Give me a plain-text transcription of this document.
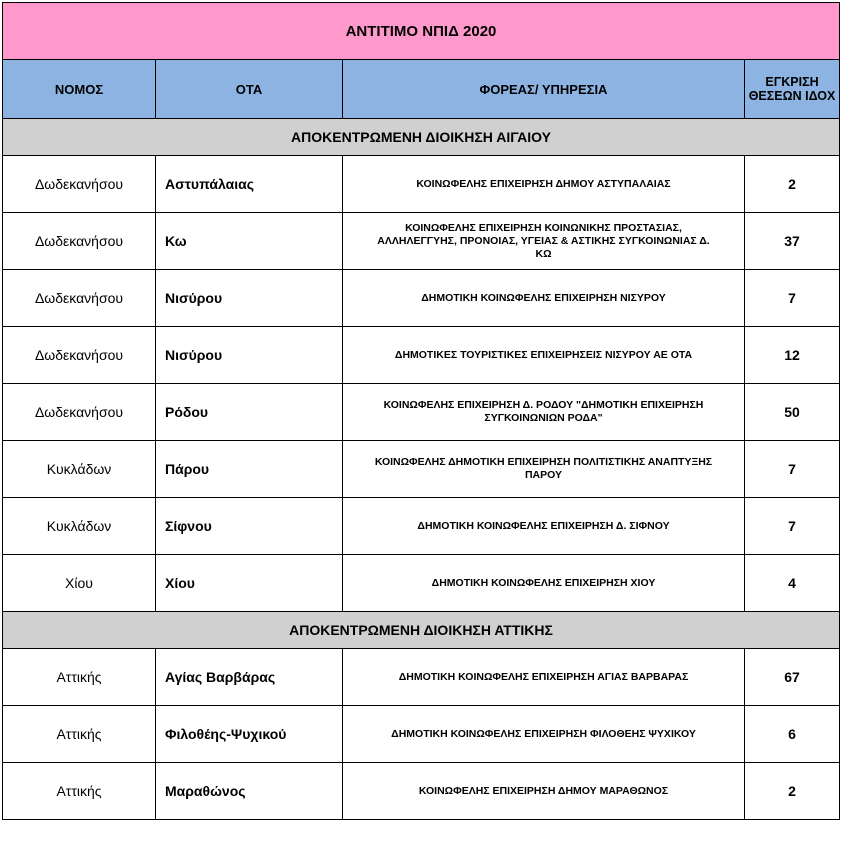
ΑΝΤΙΤΙΜΟ ΝΠΙΔ 2020			
ΝΟΜΟΣ	ΟΤΑ	ΦΟΡΕΑΣ/ ΥΠΗΡΕΣΙΑ	ΕΓΚΡΙΣΗ ΘΕΣΕΩΝ ΙΔΟΧ
ΑΠΟΚΕΝΤΡΩΜΕΝΗ ΔΙΟΙΚΗΣΗ ΑΙΓΑΙΟΥ			
Δωδεκανήσου	Αστυπάλαιας	ΚΟΙΝΩΦΕΛΗΣ ΕΠΙΧΕΙΡΗΣΗ ΔΗΜΟΥ ΑΣΤΥΠΑΛΑΙΑΣ	2
Δωδεκανήσου	Κω	ΚΟΙΝΩΦΕΛΗΣ ΕΠΙΧΕΙΡΗΣΗ ΚΟΙΝΩΝΙΚΗΣ ΠΡΟΣΤΑΣΙΑΣ, ΑΛΛΗΛΕΓΓΥΗΣ, ΠΡΟΝΟΙΑΣ, ΥΓΕΙΑΣ & ΑΣΤΙΚΗΣ ΣΥΓΚΟΙΝΩΝΙΑΣ Δ. ΚΩ	37
Δωδεκανήσου	Νισύρου	ΔΗΜΟΤΙΚΗ ΚΟΙΝΩΦΕΛΗΣ ΕΠΙΧΕΙΡΗΣΗ ΝΙΣΥΡΟΥ	7
Δωδεκανήσου	Νισύρου	ΔΗΜΟΤΙΚΕΣ ΤΟΥΡΙΣΤΙΚΕΣ ΕΠΙΧΕΙΡΗΣΕΙΣ ΝΙΣΥΡΟΥ ΑΕ ΟΤΑ	12
Δωδεκανήσου	Ρόδου	ΚΟΙΝΩΦΕΛΗΣ ΕΠΙΧΕΙΡΗΣΗ Δ. ΡΟΔΟΥ "ΔΗΜΟΤΙΚΗ ΕΠΙΧΕΙΡΗΣΗ ΣΥΓΚΟΙΝΩΝΙΩΝ ΡΟΔΑ"	50
Κυκλάδων	Πάρου	ΚΟΙΝΩΦΕΛΗΣ ΔΗΜΟΤΙΚΗ ΕΠΙΧΕΙΡΗΣΗ ΠΟΛΙΤΙΣΤΙΚΗΣ ΑΝΑΠΤΥΞΗΣ ΠΑΡΟΥ	7
Κυκλάδων	Σίφνου	ΔΗΜΟΤΙΚΗ ΚΟΙΝΩΦΕΛΗΣ ΕΠΙΧΕΙΡΗΣΗ Δ. ΣΙΦΝΟΥ	7
Χίου	Χίου	ΔΗΜΟΤΙΚΗ ΚΟΙΝΩΦΕΛΗΣ ΕΠΙΧΕΙΡΗΣΗ ΧΙΟΥ	4
ΑΠΟΚΕΝΤΡΩΜΕΝΗ ΔΙΟΙΚΗΣΗ ΑΤΤΙΚΗΣ			
Αττικής	Αγίας Βαρβάρας	ΔΗΜΟΤΙΚΗ ΚΟΙΝΩΦΕΛΗΣ ΕΠΙΧΕΙΡΗΣΗ ΑΓΙΑΣ ΒΑΡΒΑΡΑΣ	67
Αττικής	Φιλοθέης-Ψυχικού	ΔΗΜΟΤΙΚΗ ΚΟΙΝΩΦΕΛΗΣ ΕΠΙΧΕΙΡΗΣΗ ΦΙΛΟΘΕΗΣ ΨΥΧΙΚΟΥ	6
Αττικής	Μαραθώνος	ΚΟΙΝΩΦΕΛΗΣ ΕΠΙΧΕΙΡΗΣΗ ΔΗΜΟΥ ΜΑΡΑΘΩΝΟΣ	2
